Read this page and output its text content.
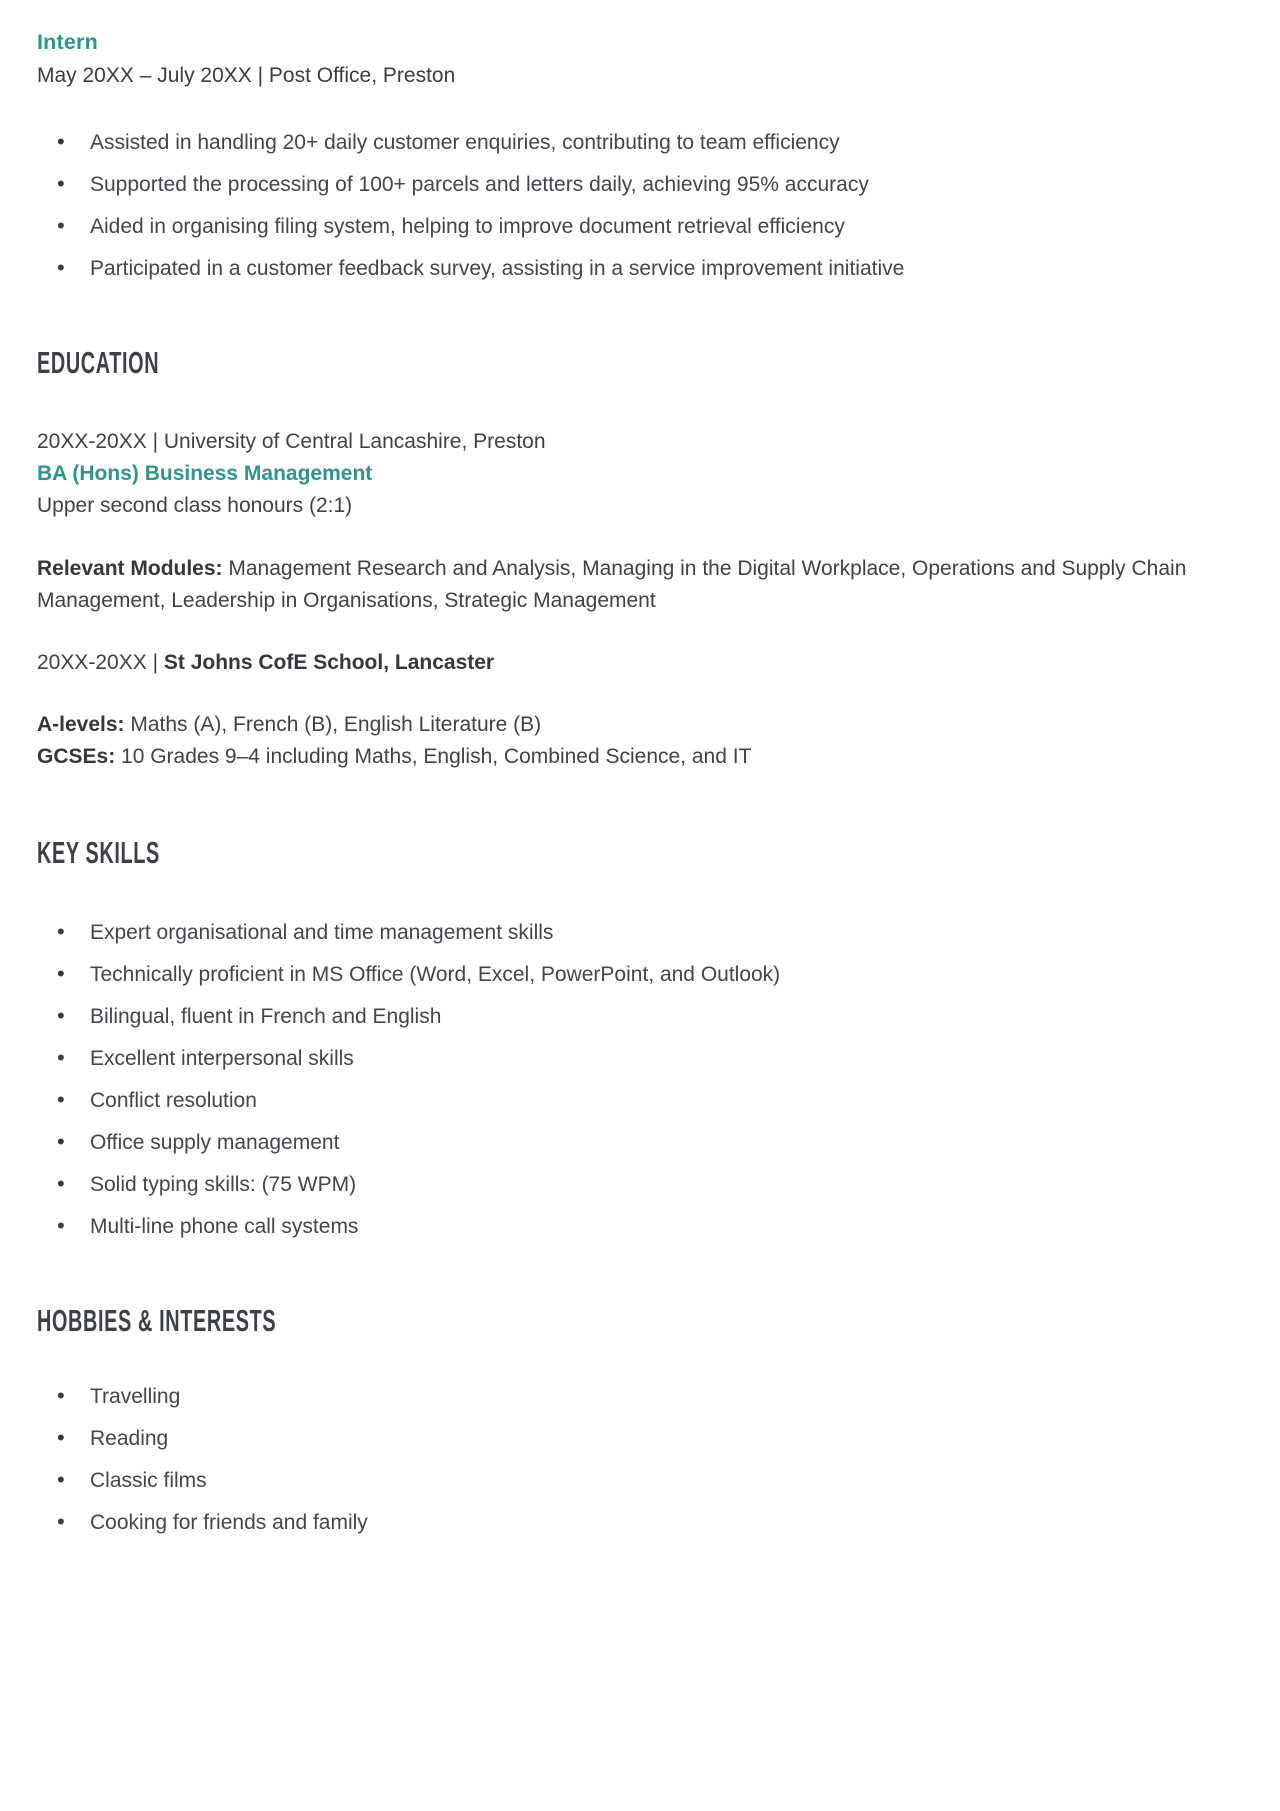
Intern

May 20XX – July 20XX | Post Office, Preston

• Assisted in handling 20+ daily customer enquiries, contributing to team efficiency
• Supported the processing of 100+ parcels and letters daily, achieving 95% accuracy
• Aided in organising filing system, helping to improve document retrieval efficiency
• Participated in a customer feedback survey, assisting in a service improvement initiative
EDUCATION
20XX-20XX | University of Central Lancashire, Preston
BA (Hons) Business Management
Upper second class honours (2:1)

Relevant Modules: Management Research and Analysis, Managing in the Digital Workplace, Operations and Supply Chain Management, Leadership in Organisations, Strategic Management

20XX-20XX | St Johns CofE School, Lancaster

A-levels: Maths (A), French (B), English Literature (B)
GCSEs: 10 Grades 9–4 including Maths, English, Combined Science, and IT
KEY SKILLS
• Expert organisational and time management skills
• Technically proficient in MS Office (Word, Excel, PowerPoint, and Outlook)
• Bilingual, fluent in French and English
• Excellent interpersonal skills
• Conflict resolution
• Office supply management
• Solid typing skills: (75 WPM)
• Multi-line phone call systems
HOBBIES & INTERESTS
• Travelling
• Reading
• Classic films
• Cooking for friends and family
